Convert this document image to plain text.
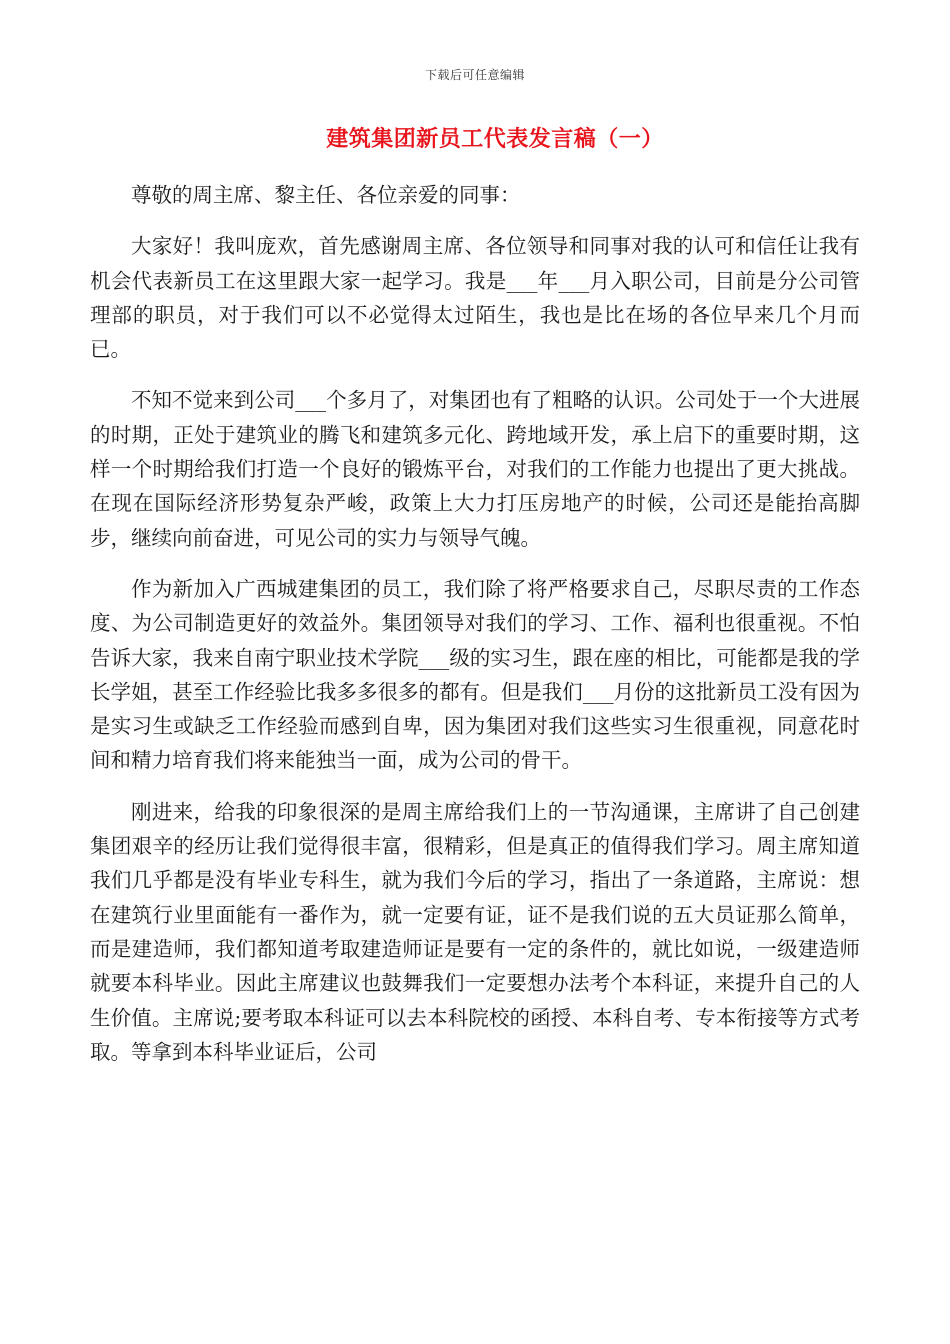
下载后可任意编辑
建筑集团新员工代表发言稿（一）

尊敬的周主席、黎主任、各位亲爱的同事：

大家好！我叫庞欢，首先感谢周主席、各位领导和同事对我的认可和信任让我有机会代表新员工在这里跟大家一起学习。我是___年___月入职公司，目前是分公司管理部的职员，对于我们可以不必觉得太过陌生，我也是比在场的各位早来几个月而已。

不知不觉来到公司___个多月了，对集团也有了粗略的认识。公司处于一个大进展的时期，正处于建筑业的腾飞和建筑多元化、跨地域开发，承上启下的重要时期，这样一个时期给我们打造一个良好的锻炼平台，对我们的工作能力也提出了更大挑战。在现在国际经济形势复杂严峻，政策上大力打压房地产的时候，公司还是能抬高脚步，继续向前奋进，可见公司的实力与领导气魄。

作为新加入广西城建集团的员工，我们除了将严格要求自己，尽职尽责的工作态度、为公司制造更好的效益外。集团领导对我们的学习、工作、福利也很重视。不怕告诉大家，我来自南宁职业技术学院___级的实习生，跟在座的相比，可能都是我的学长学姐，甚至工作经验比我多多很多的都有。但是我们___月份的这批新员工没有因为是实习生或缺乏工作经验而感到自卑，因为集团对我们这些实习生很重视，同意花时间和精力培育我们将来能独当一面，成为公司的骨干。

刚进来，给我的印象很深的是周主席给我们上的一节沟通课，主席讲了自己创建集团艰辛的经历让我们觉得很丰富，很精彩，但是真正的值得我们学习。周主席知道我们几乎都是没有毕业专科生，就为我们今后的学习，指出了一条道路，主席说：想在建筑行业里面能有一番作为，就一定要有证，证不是我们说的五大员证那么简单，而是建造师，我们都知道考取建造师证是要有一定的条件的，就比如说，一级建造师就要本科毕业。因此主席建议也鼓舞我们一定要想办法考个本科证，来提升自己的人生价值。主席说;要考取本科证可以去本科院校的函授、本科自考、专本衔接等方式考取。等拿到本科毕业证后，公司
